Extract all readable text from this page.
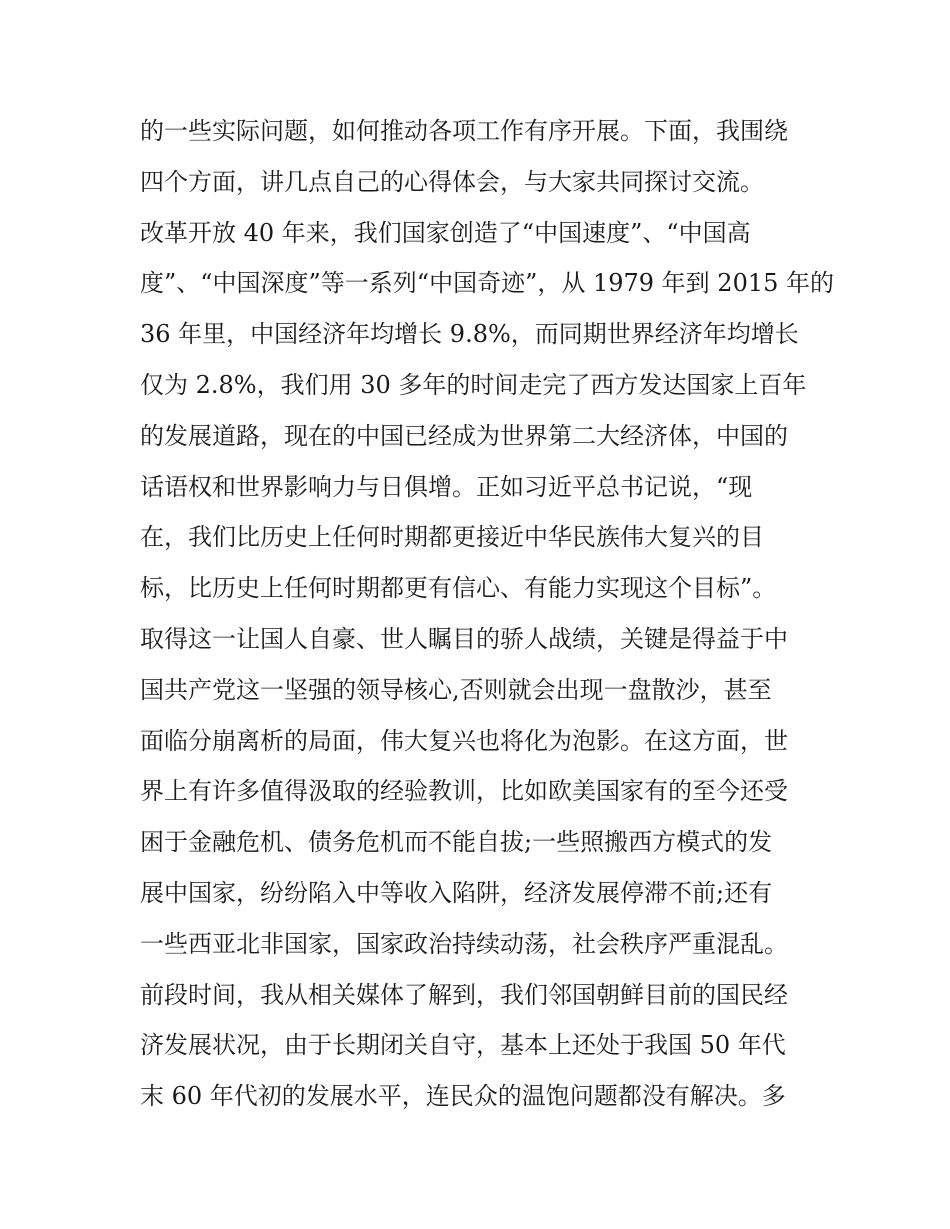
的一些实际问题，如何推动各项工作有序开展。下面，我围绕
四个方面，讲几点自己的心得体会，与大家共同探讨交流。
改革开放 40 年来，我们国家创造了“中国速度”、“中国高
度”、“中国深度”等一系列“中国奇迹”，从 1979 年到 2015 年的
36 年里，中国经济年均增长 9.8%，而同期世界经济年均增长
仅为 2.8%，我们用 30 多年的时间走完了西方发达国家上百年
的发展道路，现在的中国已经成为世界第二大经济体，中国的
话语权和世界影响力与日俱增。正如习近平总书记说，“现
在，我们比历史上任何时期都更接近中华民族伟大复兴的目
标，比历史上任何时期都更有信心、有能力实现这个目标”。
取得这一让国人自豪、世人瞩目的骄人战绩，关键是得益于中
国共产党这一坚强的领导核心,否则就会出现一盘散沙，甚至
面临分崩离析的局面，伟大复兴也将化为泡影。在这方面，世
界上有许多值得汲取的经验教训，比如欧美国家有的至今还受
困于金融危机、债务危机而不能自拔;一些照搬西方模式的发
展中国家，纷纷陷入中等收入陷阱，经济发展停滞不前;还有
一些西亚北非国家，国家政治持续动荡，社会秩序严重混乱。
前段时间，我从相关媒体了解到，我们邻国朝鲜目前的国民经
济发展状况，由于长期闭关自守，基本上还处于我国 50 年代
末 60 年代初的发展水平，连民众的温饱问题都没有解决。多
